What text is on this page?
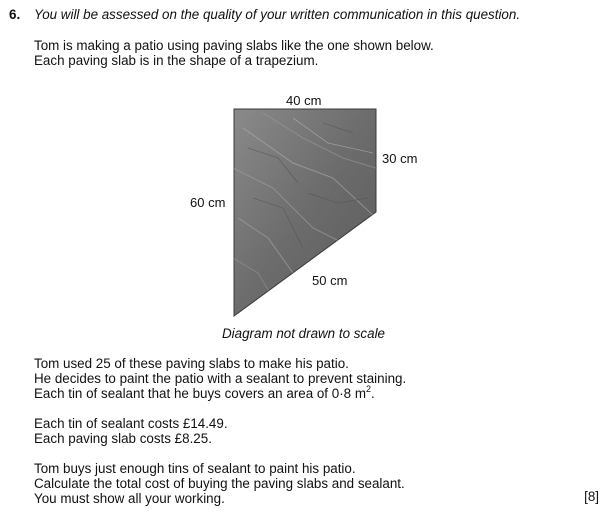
6. You will be assessed on the quality of your written communication in this question.
Tom is making a patio using paving slabs like the one shown below.
Each paving slab is in the shape of a trapezium.
40 cm
30 cm
60 cm
50 cm
Diagram not drawn to scale
Tom used 25 of these paving slabs to make his patio.
He decides to paint the patio with a sealant to prevent staining.
Each tin of sealant that he buys covers an area of 0·8 $m^2$.
Each tin of sealant costs £14.49.
Each paving slab costs £8.25.
Tom buys just enough tins of sealant to paint his patio.
Calculate the total cost of buying the paving slabs and sealant.
You must show all your working.	[8]
